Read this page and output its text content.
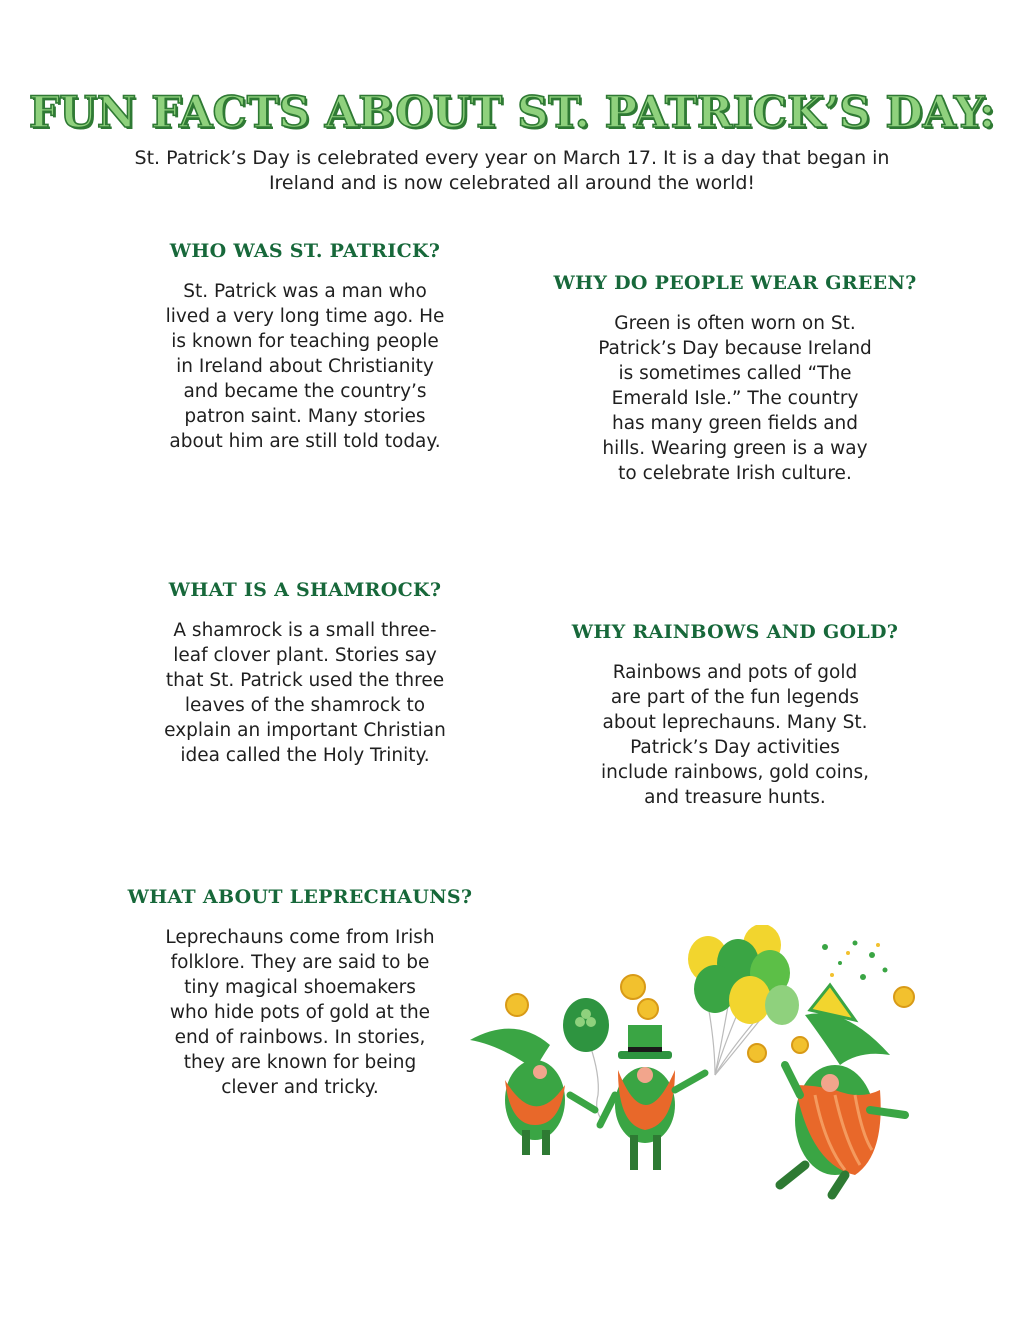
FUN FACTS ABOUT ST. PATRICK’S DAY:
St. Patrick’s Day is celebrated every year on March 17. It is a day that began in Ireland and is now celebrated all around the world!
WHO WAS ST. PATRICK?

St. Patrick was a man who lived a very long time ago. He is known for teaching people in Ireland about Christianity and became the country’s patron saint. Many stories about him are still told today.

WHY DO PEOPLE WEAR GREEN?

Green is often worn on St. Patrick’s Day because Ireland is sometimes called “The Emerald Isle.” The country has many green fields and hills. Wearing green is a way to celebrate Irish culture.

WHAT IS A SHAMROCK?

A shamrock is a small three-leaf clover plant. Stories say that St. Patrick used the three leaves of the shamrock to explain an important Christian idea called the Holy Trinity.

WHY RAINBOWS AND GOLD?

Rainbows and pots of gold are part of the fun legends about leprechauns. Many St. Patrick’s Day activities include rainbows, gold coins, and treasure hunts.

WHAT ABOUT LEPRECHAUNS?

Leprechauns come from Irish folklore. They are said to be tiny magical shoemakers who hide pots of gold at the end of rainbows. In stories, they are known for being clever and tricky.
